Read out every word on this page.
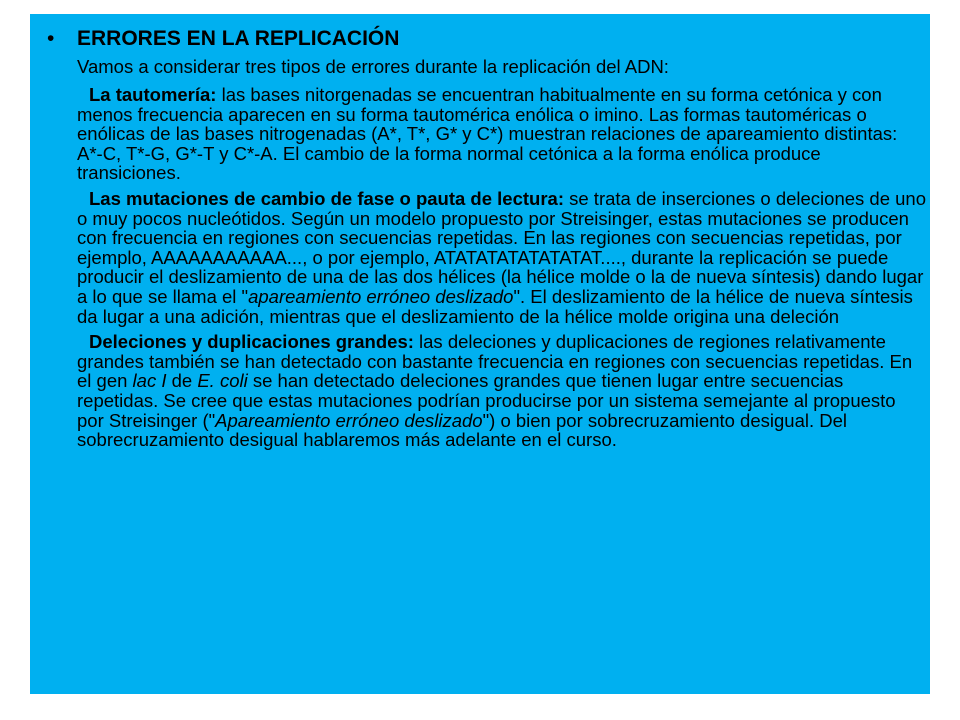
• ERRORES EN LA REPLICACIÓN

Vamos a considerar tres tipos de errores durante la replicación del ADN:

La tautomería: las bases nitorgenadas se encuentran habitualmente en su forma cetónica y con menos frecuencia aparecen en su forma tautomérica enólica o imino. Las formas tautoméricas o enólicas de las bases nitrogenadas (A*, T*, G* y C*) muestran relaciones de apareamiento distintas: A*-C, T*-G, G*-T y C*-A. El cambio de la forma normal cetónica a la forma enólica produce transiciones.

Las mutaciones de cambio de fase o pauta de lectura: se trata de inserciones o deleciones de uno o muy pocos nucleótidos. Según un modelo propuesto por Streisinger, estas mutaciones se producen con frecuencia en regiones con secuencias repetidas. En las regiones con secuencias repetidas, por ejemplo, AAAAAAAAAAA..., o por ejemplo, ATATATATATATATAT...., durante la replicación se puede producir el deslizamiento de una de las dos hélices (la hélice molde o la de nueva síntesis) dando lugar a lo que se llama el "apareamiento erróneo deslizado". El deslizamiento de la hélice de nueva síntesis da lugar a una adición, mientras que el deslizamiento de la hélice molde origina una deleción

Deleciones y duplicaciones grandes: las deleciones y duplicaciones de regiones relativamente grandes también se han detectado con bastante frecuencia en regiones con secuencias repetidas. En el gen lac I de E. coli se han detectado deleciones grandes que tienen lugar entre secuencias repetidas. Se cree que estas mutaciones podrían producirse por un sistema semejante al propuesto por Streisinger ("Apareamiento erróneo deslizado") o bien por sobrecruzamiento desigual. Del sobrecruzamiento desigual hablaremos más adelante en el curso.
